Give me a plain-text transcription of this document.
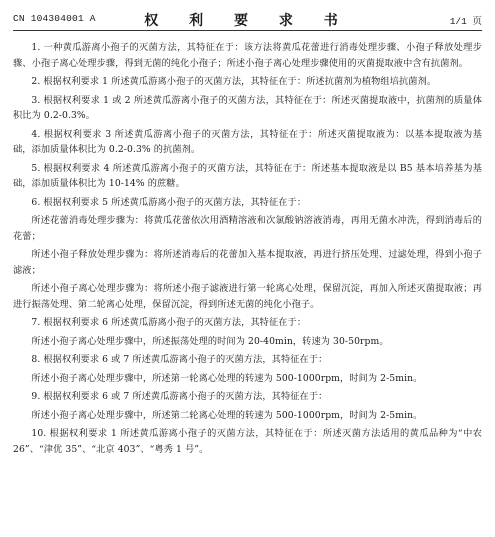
CN 104304001 A	权 利 要 求 书	1/1 页

1. 一种黄瓜游离小孢子的灭菌方法，其特征在于：该方法将黄瓜花蕾进行消毒处理步骤、小孢子释放处理步骤、小孢子离心处理步骤，得到无菌的纯化小孢子；所述小孢子离心处理步骤使用的灭菌提取液中含有抗菌剂。

2. 根据权利要求 1 所述黄瓜游离小孢子的灭菌方法，其特征在于：所述抗菌剂为植物组培抗菌剂。

3. 根据权利要求 1 或 2 所述黄瓜游离小孢子的灭菌方法，其特征在于：所述灭菌提取液中，抗菌剂的质量体积比为 0.2-0.3%。

4. 根据权利要求 3 所述黄瓜游离小孢子的灭菌方法，其特征在于：所述灭菌提取液为：以基本提取液为基础，添加质量体积比为 0.2-0.3% 的抗菌剂。

5. 根据权利要求 4 所述黄瓜游离小孢子的灭菌方法，其特征在于：所述基本提取液是以 B5 基本培养基为基础，添加质量体积比为 10-14% 的蔗糖。

6. 根据权利要求 5 所述黄瓜游离小孢子的灭菌方法，其特征在于：

所述花蕾消毒处理步骤为：将黄瓜花蕾依次用酒精溶液和次氯酸钠溶液消毒，再用无菌水冲洗，得到消毒后的花蕾；

所述小孢子释放处理步骤为：将所述消毒后的花蕾加入基本提取液，再进行挤压处理、过滤处理，得到小孢子滤液；

所述小孢子离心处理步骤为：将所述小孢子滤液进行第一轮离心处理，保留沉淀，再加入所述灭菌提取液；再进行振荡处理、第二轮离心处理，保留沉淀，得到所述无菌的纯化小孢子。

7. 根据权利要求 6 所述黄瓜游离小孢子的灭菌方法，其特征在于：

所述小孢子离心处理步骤中，所述振荡处理的时间为 20-40min，转速为 30-50rpm。

8. 根据权利要求 6 或 7 所述黄瓜游离小孢子的灭菌方法，其特征在于：

所述小孢子离心处理步骤中，所述第一轮离心处理的转速为 500-1000rpm，时间为 2-5min。

9. 根据权利要求 6 或 7 所述黄瓜游离小孢子的灭菌方法，其特征在于：

所述小孢子离心处理步骤中，所述第二轮离心处理的转速为 500-1000rpm，时间为 2-5min。

10. 根据权利要求 1 所述黄瓜游离小孢子的灭菌方法，其特征在于：所述灭菌方法适用的黄瓜品种为“中农 26”、“津优 35”、“北京 403”、“粤秀 1 号”。
